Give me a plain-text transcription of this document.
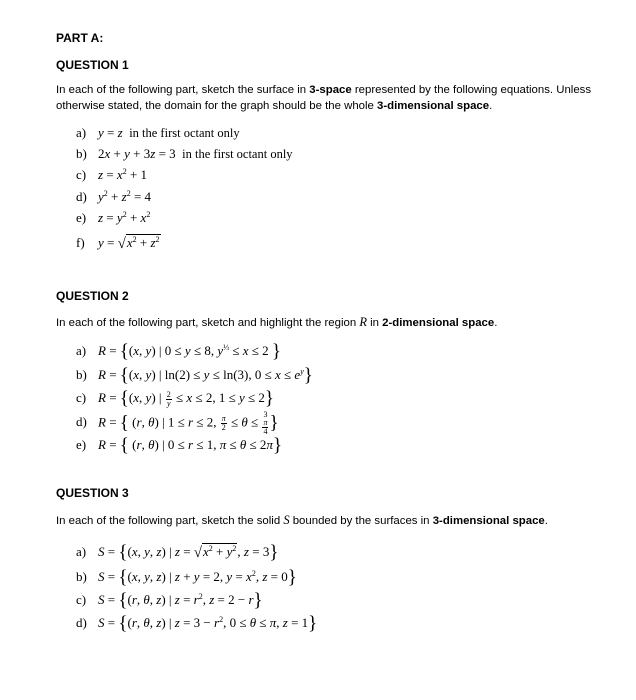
PART A:
QUESTION 1
In each of the following part, sketch the surface in 3-space represented by the following equations. Unless otherwise stated, the domain for the graph should be the whole 3-dimensional space.
a) y = z in the first octant only
b) 2x + y + 3z = 3  in the first octant only
c) $z = x^2 + 1$
d) $y^2 + z^2 = 4$
e) $z = y^2 + x^2$
f) $y = √x^2 + z^2$
QUESTION 2
In each of the following part, sketch and highlight the region R in 2-dimensional space.
a) R = {(x, y) | 0 ≤ y ≤ 8, $y^{\frac{1}{3}} \le x \le 2$ }
b) R = {(x, y) | ln(2) ≤ y ≤ ln(3), $0 \le x \le e^y$}
c) R = {(x, y) | $\frac{2}{y} \le x \le 2$, 1 ≤ y ≤ 2}
d) R = { (r, θ) | 1 ≤ r ≤ 2, $\frac{\pi}{2} \le \theta \le 3$
π
4 }
e) R = { (r, θ) | 0 ≤ r ≤ 1, π ≤ θ ≤ 2π}
QUESTION 3
In each of the following part, sketch the solid S bounded by the surfaces in 3-dimensional space.
a) S = {(x, y, z) | $z = √x^2 + y^2$, z = 3}
b) S = {(x, y, z) | z + y = 2, $y = x^2$, z = 0}
c) S = {(r, θ, z) | $z = r^2$, z = 2 − r}
d) S = {(r, θ, z) | $z = 3 - r^2$, 0 ≤ θ ≤ π, z = 1}
